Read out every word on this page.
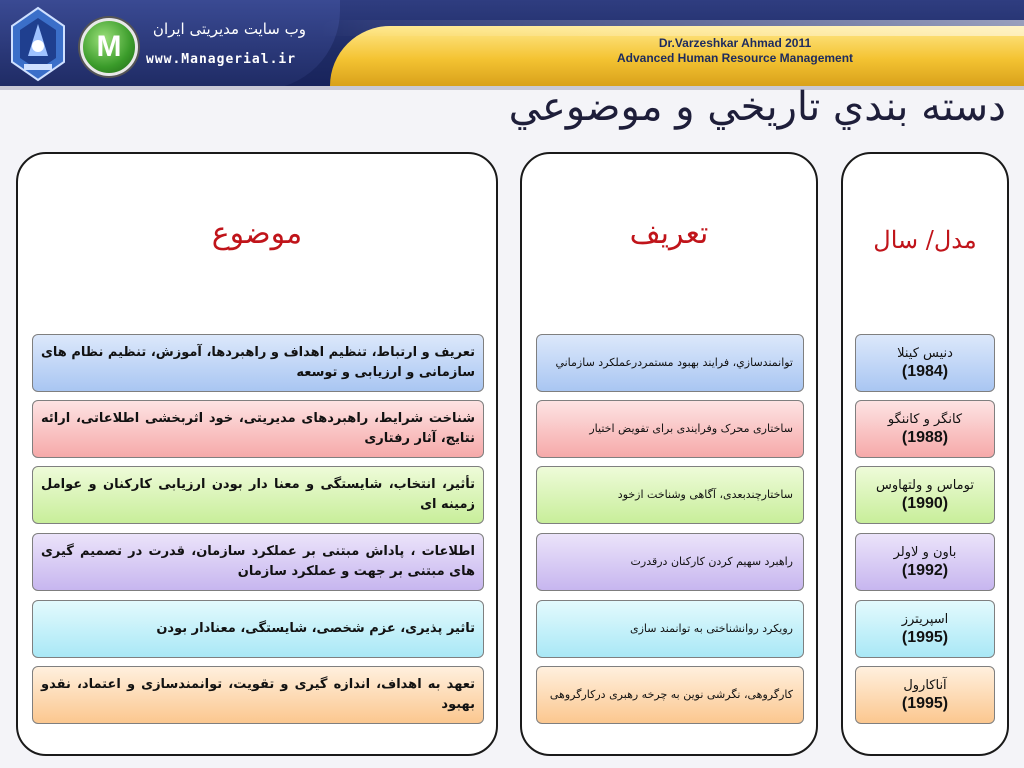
M
وب سایت مدیریتی ایران
www.Managerial.ir
Dr.Varzeshkar Ahmad 2011
Advanced Human Resource Management
دسته بندي تاريخي و موضوعي
موضوع
تعریف و ارتباط، تنظیم اهداف و راهبردها، آموزش، تنظیم نظام های سازمانی و ارزیابی و توسعه
شناخت شرایط، راهبردهای مدیریتی، خود اثربخشی اطلاعاتی، ارائه نتایج، آثار رفتاری
تأثیر، انتخاب، شایستگی و معنا دار بودن ارزیابی کارکنان و عوامل زمینه ای
اطلاعات ، پاداش مبتنی بر عملکرد سازمان، قدرت در تصمیم گیری های مبتنی بر جهت و عملکرد سازمان
تاثیر پذیری، عزم شخصی، شایستگی، معنادار بودن
تعهد به اهداف، اندازه گیری و تقویت، توانمندسازی و اعتماد، نقدو بهبود
تعریف
توانمندسازي، فرايند بهبود مستمردرعملكرد سازماني
ساختاری محرک وفرایندی برای تفویض اختیار
ساختارچندبعدی، آگاهی وشناخت ازخود
راهبرد سهیم کردن کارکنان درقدرت
رویکرد روانشناختی به توانمند سازی
کارگروهی، نگرشی نوین به چرخه رهبری درکارگروهی
مدل/ سال
دنیس کینلا
(1984)
کانگر و کاننگو
(1988)
توماس و ولتهاوس
(1990)
باون و لاولر
(1992)
اسپریترز
(1995)
آناکارول
(1995)
